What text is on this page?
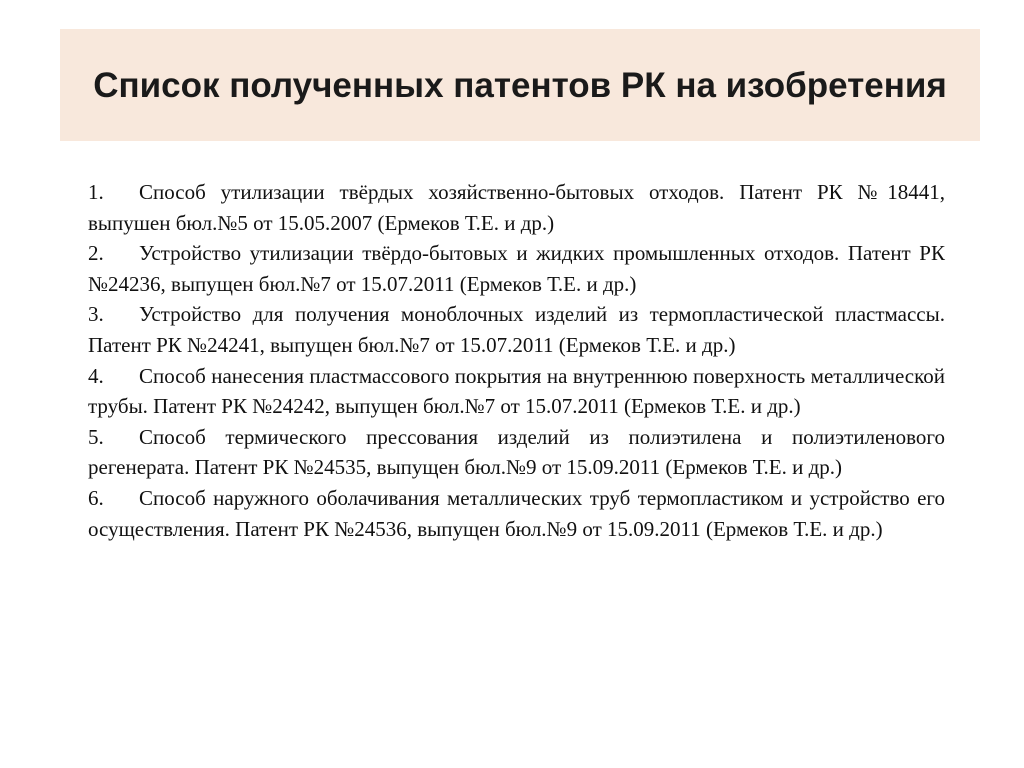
Список полученных патентов РК на изобретения
1. Способ утилизации твёрдых хозяйственно-бытовых отходов. Патент РК №18441, выпушен бюл.№5 от 15.05.2007 (Ермеков Т.Е. и др.)
2. Устройство утилизации твёрдо-бытовых и жидких промышленных отходов. Патент РК №24236, выпущен бюл.№7 от 15.07.2011 (Ермеков Т.Е. и др.)
3. Устройство для получения моноблочных изделий из термопластической пластмассы. Патент РК №24241, выпущен бюл.№7 от 15.07.2011 (Ермеков Т.Е. и др.)
4. Способ нанесения пластмассового покрытия на внутреннюю поверхность металлической трубы. Патент РК №24242, выпущен бюл.№7 от 15.07.2011 (Ермеков Т.Е. и др.)
5. Способ термического прессования изделий из полиэтилена и полиэтиленового регенерата. Патент РК №24535, выпущен бюл.№9 от 15.09.2011 (Ермеков Т.Е. и др.)
6. Способ наружного оболачивания металлических труб термопластиком и устройство его осуществления. Патент РК №24536, выпущен бюл.№9 от 15.09.2011 (Ермеков Т.Е. и др.)
